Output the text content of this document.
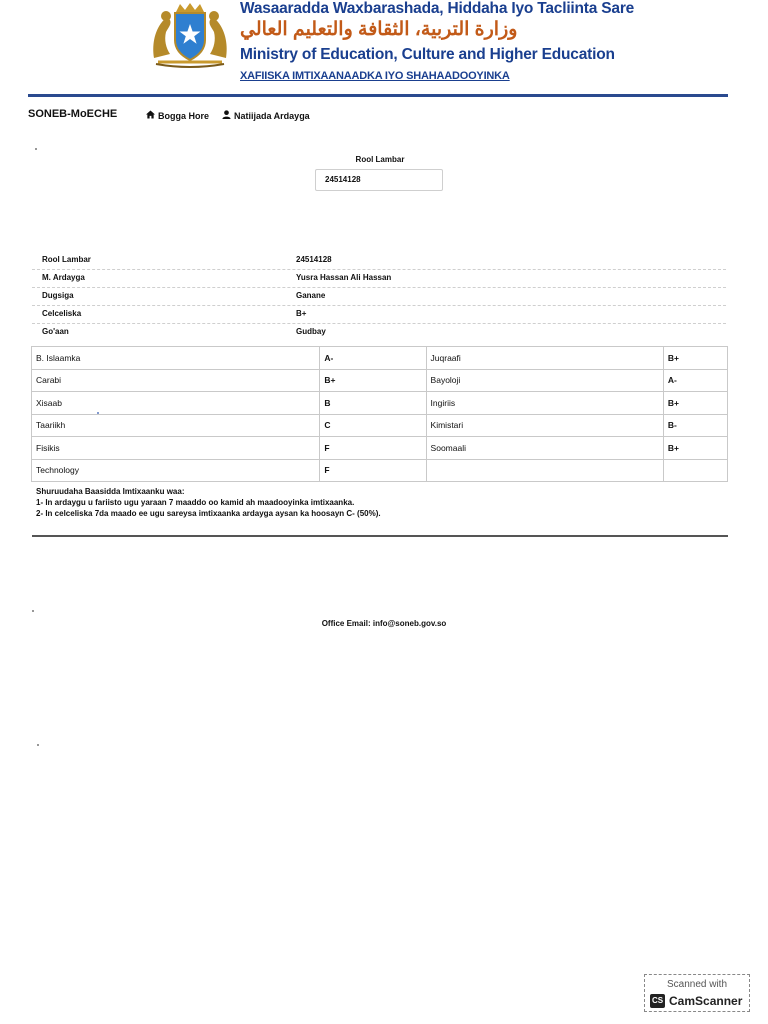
Wasaaradda Waxbarashada, Hiddaha Iyo Tacliinta Sare
وزارة التربية، الثقافة والتعليم العالي
Ministry of Education, Culture and Higher Education
XAFIISKA IMTIXAANAADKA IYO SHAHAADOOYINKA
SONEB-MoECHE	Bogga Hore	Natiijada Ardayga
Rool Lambar
24514128
Rool Lambar	24514128
M. Ardayga	Yusra Hassan Ali Hassan
Dugsiga	Ganane
Celceliska	B+
Go'aan	Gudbay
B. Islaamka	A-	Juqraafi	B+
Carabi	B+	Bayoloji	A-
Xisaab	B	Ingiriis	B+
Taariikh	C	Kimistari	B-
Fisikis	F	Soomaali	B+
Technology	F		
Shuruudaha Baasiddа Imtixaanku waa:
1- In ardaygu u fariisto ugu yaraan 7 maaddo oo kamid ah maadooyinka imtixaanka.
2- In celceliska 7da maado ee ugu sareysa imtixaanka ardayga aysan ka hoosayn C- (50%).
Office Email: info@soneb.gov.so
Scanned with
CS CamScanner
